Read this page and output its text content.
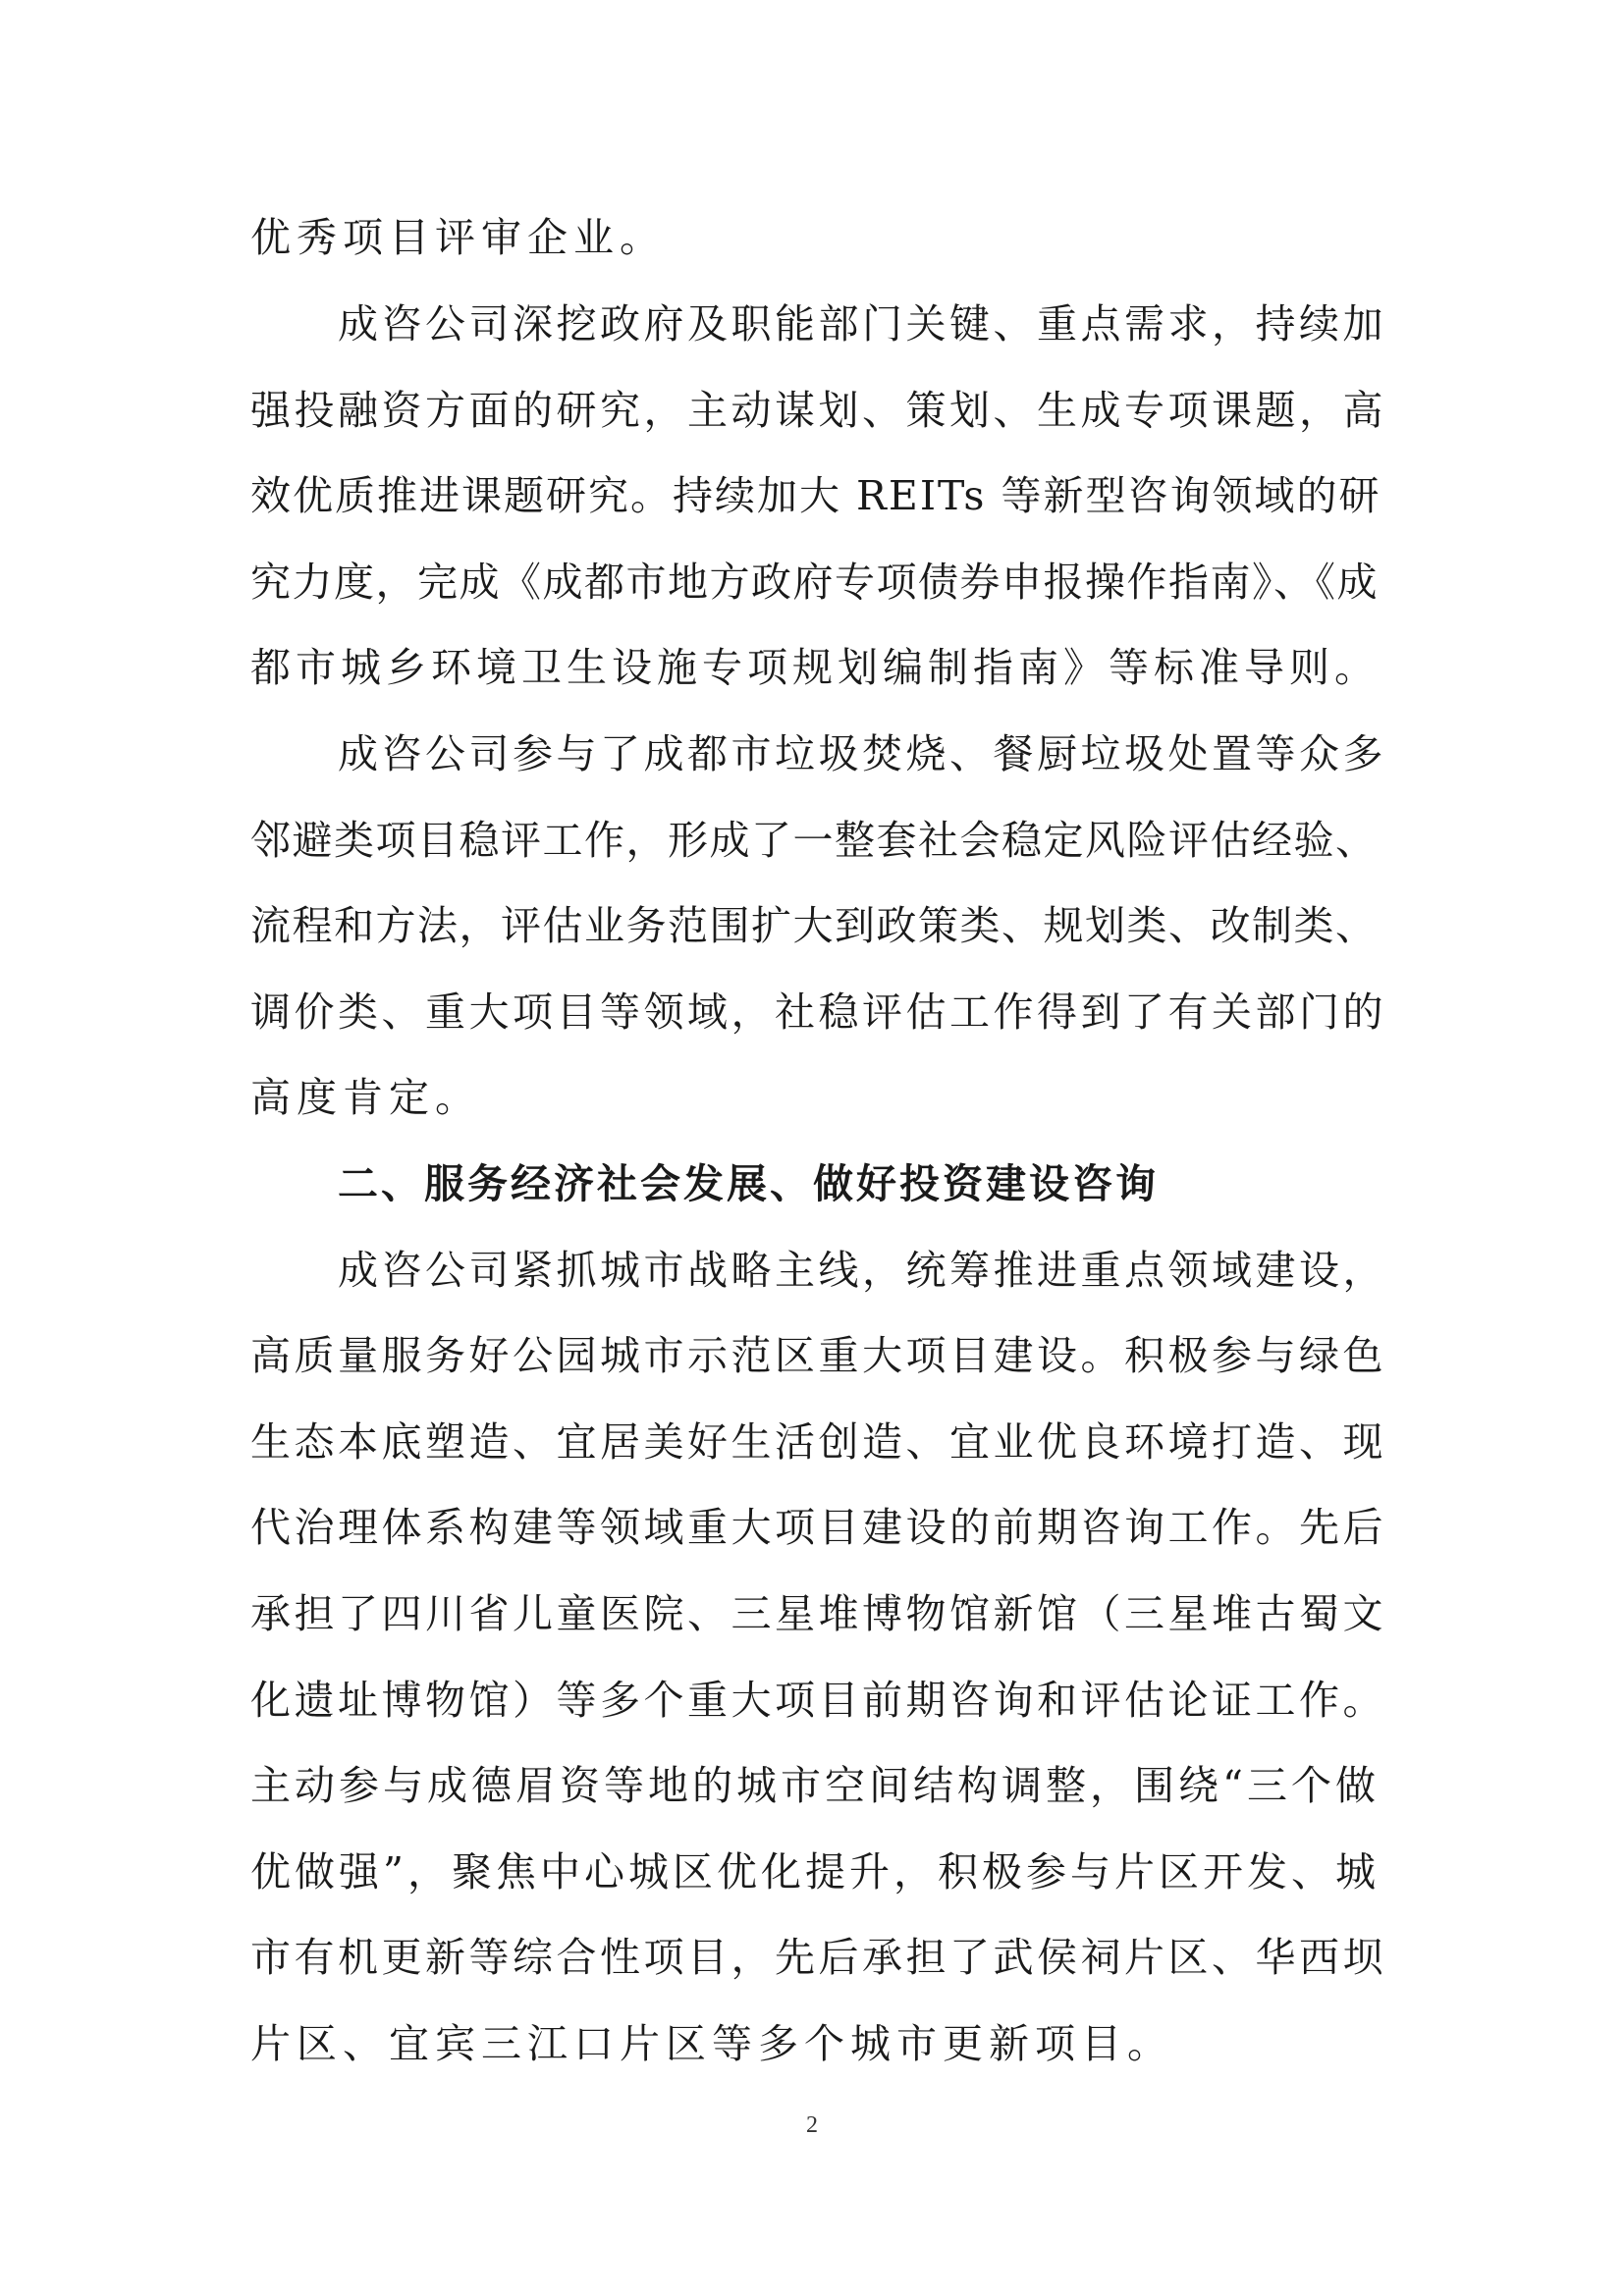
优秀项目评审企业。
成咨公司深挖政府及职能部门关键、重点需求，持续加
强投融资方面的研究，主动谋划、策划、生成专项课题，高
效优质推进课题研究。持续加大 REITs 等新型咨询领域的研
究力度，完成《成都市地方政府专项债券申报操作指南》、《成
都市城乡环境卫生设施专项规划编制指南》等标准导则。
成咨公司参与了成都市垃圾焚烧、餐厨垃圾处置等众多
邻避类项目稳评工作，形成了一整套社会稳定风险评估经验、
流程和方法，评估业务范围扩大到政策类、规划类、改制类、
调价类、重大项目等领域，社稳评估工作得到了有关部门的
高度肯定。
二、服务经济社会发展、做好投资建设咨询
成咨公司紧抓城市战略主线，统筹推进重点领域建设，
高质量服务好公园城市示范区重大项目建设。积极参与绿色
生态本底塑造、宜居美好生活创造、宜业优良环境打造、现
代治理体系构建等领域重大项目建设的前期咨询工作。先后
承担了四川省儿童医院、三星堆博物馆新馆（三星堆古蜀文
化遗址博物馆）等多个重大项目前期咨询和评估论证工作。
主动参与成德眉资等地的城市空间结构调整，围绕“三个做
优做强”，聚焦中心城区优化提升，积极参与片区开发、城
市有机更新等综合性项目，先后承担了武侯祠片区、华西坝
片区、宜宾三江口片区等多个城市更新项目。
2
